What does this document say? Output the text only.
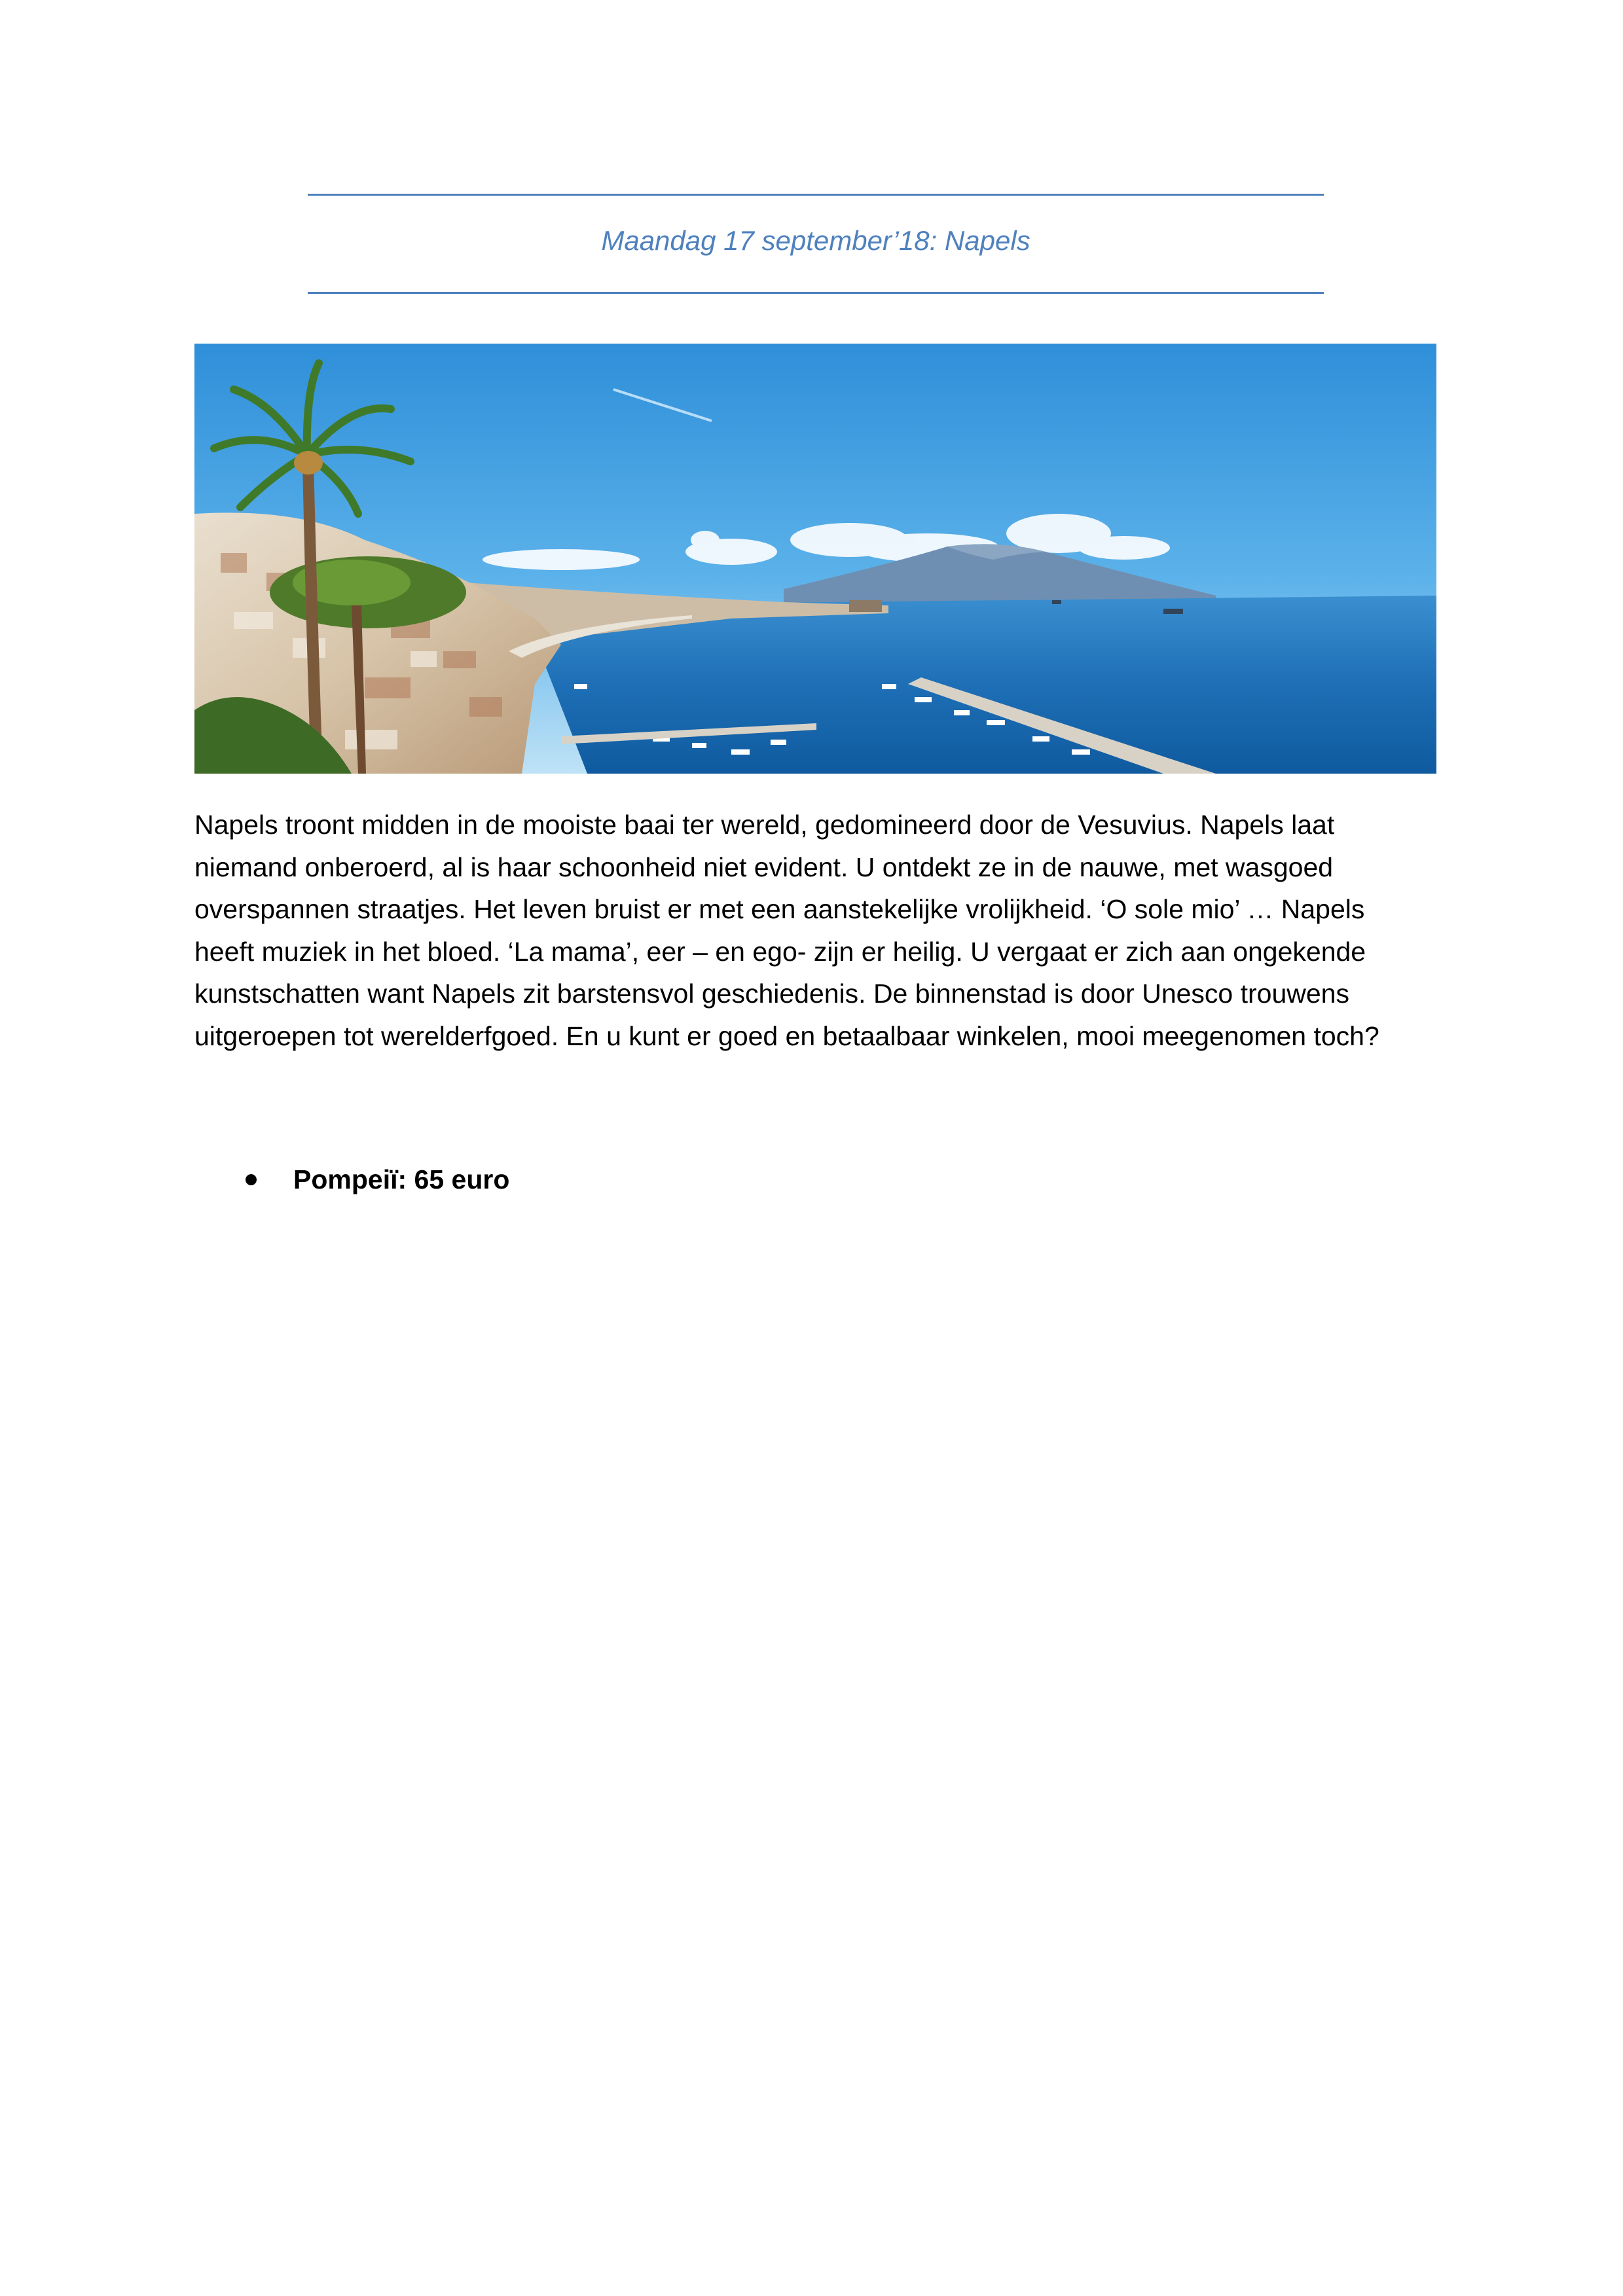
Maandag 17 september’18: Napels
Napels troont midden in de mooiste baai ter wereld, gedomineerd door de Vesuvius. Napels laat
niemand onberoerd, al is haar schoonheid niet evident. U ontdekt ze in de nauwe, met wasgoed
overspannen straatjes. Het leven bruist er met een aanstekelijke vrolijkheid. ‘O sole mio’ … Napels
heeft muziek in het bloed. ‘La mama’, eer – en ego- zijn er heilig. U vergaat er zich aan ongekende
kunstschatten want Napels zit barstensvol geschiedenis. De binnenstad is door Unesco trouwens
uitgeroepen tot werelderfgoed. En u kunt er goed en betaalbaar winkelen, mooi meegenomen toch?
Pompeiï: 65 euro
